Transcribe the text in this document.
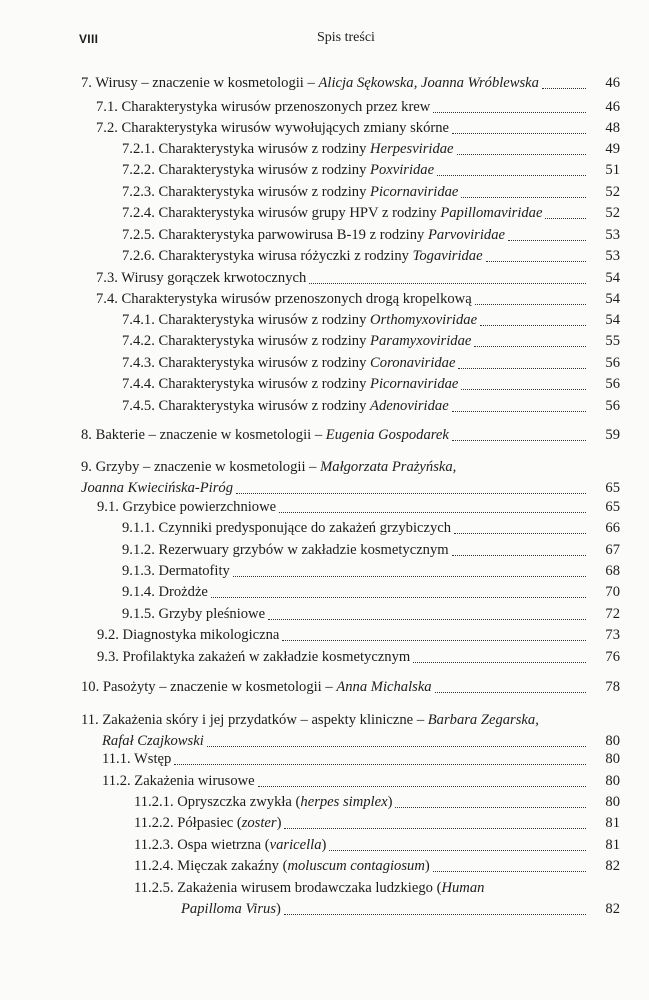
VIII	Spis treści
7. Wirusy – znaczenie w kosmetologii – Alicja Sękowska, Joanna Wróblewska	46
7.1. Charakterystyka wirusów przenoszonych przez krew	46
7.2. Charakterystyka wirusów wywołujących zmiany skórne	48
7.2.1. Charakterystyka wirusów z rodziny Herpesviridae	49
7.2.2. Charakterystyka wirusów z rodziny Poxviridae	51
7.2.3. Charakterystyka wirusów z rodziny Picornaviridae	52
7.2.4. Charakterystyka wirusów grupy HPV z rodziny Papillomaviridae	52
7.2.5. Charakterystyka parwowirusa B-19 z rodziny Parvoviridae	53
7.2.6. Charakterystyka wirusa różyczki z rodziny Togaviridae	53
7.3. Wirusy gorączek krwotocznych	54
7.4. Charakterystyka wirusów przenoszonych drogą kropelkową	54
7.4.1. Charakterystyka wirusów z rodziny Orthomyxoviridae	54
7.4.2. Charakterystyka wirusów z rodziny Paramyxoviridae	55
7.4.3. Charakterystyka wirusów z rodziny Coronaviridae	56
7.4.4. Charakterystyka wirusów z rodziny Picornaviridae	56
7.4.5. Charakterystyka wirusów z rodziny Adenoviridae	56
8. Bakterie – znaczenie w kosmetologii – Eugenia Gospodarek	59
9. Grzyby – znaczenie w kosmetologii – Małgorzata Prażyńska,
Joanna Kwiecińska-Piróg	65
9.1. Grzybice powierzchniowe	65
9.1.1. Czynniki predysponujące do zakażeń grzybiczych	66
9.1.2. Rezerwuary grzybów w zakładzie kosmetycznym	67
9.1.3. Dermatofity	68
9.1.4. Drożdże	70
9.1.5. Grzyby pleśniowe	72
9.2. Diagnostyka mikologiczna	73
9.3. Profilaktyka zakażeń w zakładzie kosmetycznym	76
10. Pasożyty – znaczenie w kosmetologii – Anna Michalska	78
11. Zakażenia skóry i jej przydatków – aspekty kliniczne – Barbara Zegarska,
Rafał Czajkowski	80
11.1. Wstęp	80
11.2. Zakażenia wirusowe	80
11.2.1. Opryszczka zwykła (herpes simplex)	80
11.2.2. Półpasiec (zoster)	81
11.2.3. Ospa wietrzna (varicella)	81
11.2.4. Mięczak zakaźny (moluscum contagiosum)	82
11.2.5. Zakażenia wirusem brodawczaka ludzkiego (Human
Papilloma Virus)	82
